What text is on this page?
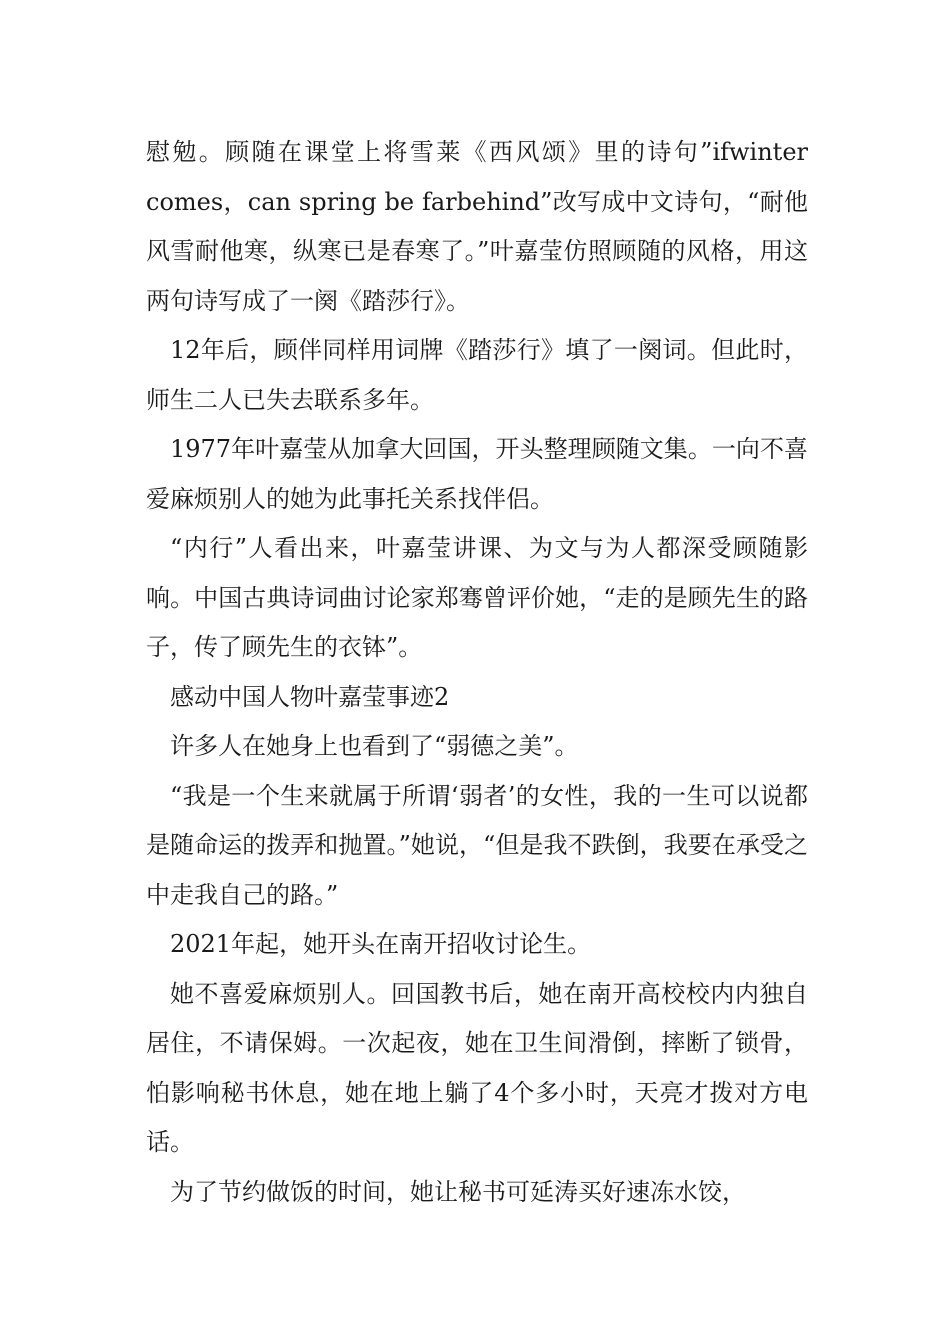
慰勉。顾随在课堂上将雪莱《西风颂》里的诗句”ifwinter comes，can spring be farbehind”改写成中文诗句，“耐他风雪耐他寒，纵寒已是春寒了。”叶嘉莹仿照顾随的风格，用这两句诗写成了一阕《踏莎行》。

12年后，顾伴同样用词牌《踏莎行》填了一阕词。但此时，师生二人已失去联系多年。

1977年叶嘉莹从加拿大回国，开头整理顾随文集。一向不喜爱麻烦别人的她为此事托关系找伴侣。

“内行”人看出来，叶嘉莹讲课、为文与为人都深受顾随影响。中国古典诗词曲讨论家郑骞曾评价她，“走的是顾先生的路子，传了顾先生的衣钵”。

感动中国人物叶嘉莹事迹2

许多人在她身上也看到了“弱德之美”。

“我是一个生来就属于所谓‘弱者’的女性，我的一生可以说都是随命运的拨弄和抛置。”她说，“但是我不跌倒，我要在承受之中走我自己的路。”

2021年起，她开头在南开招收讨论生。

她不喜爱麻烦别人。回国教书后，她在南开高校校内内独自居住，不请保姆。一次起夜，她在卫生间滑倒，摔断了锁骨，怕影响秘书休息，她在地上躺了4个多小时，天亮才拨对方电话。

为了节约做饭的时间，她让秘书可延涛买好速冻水饺，
